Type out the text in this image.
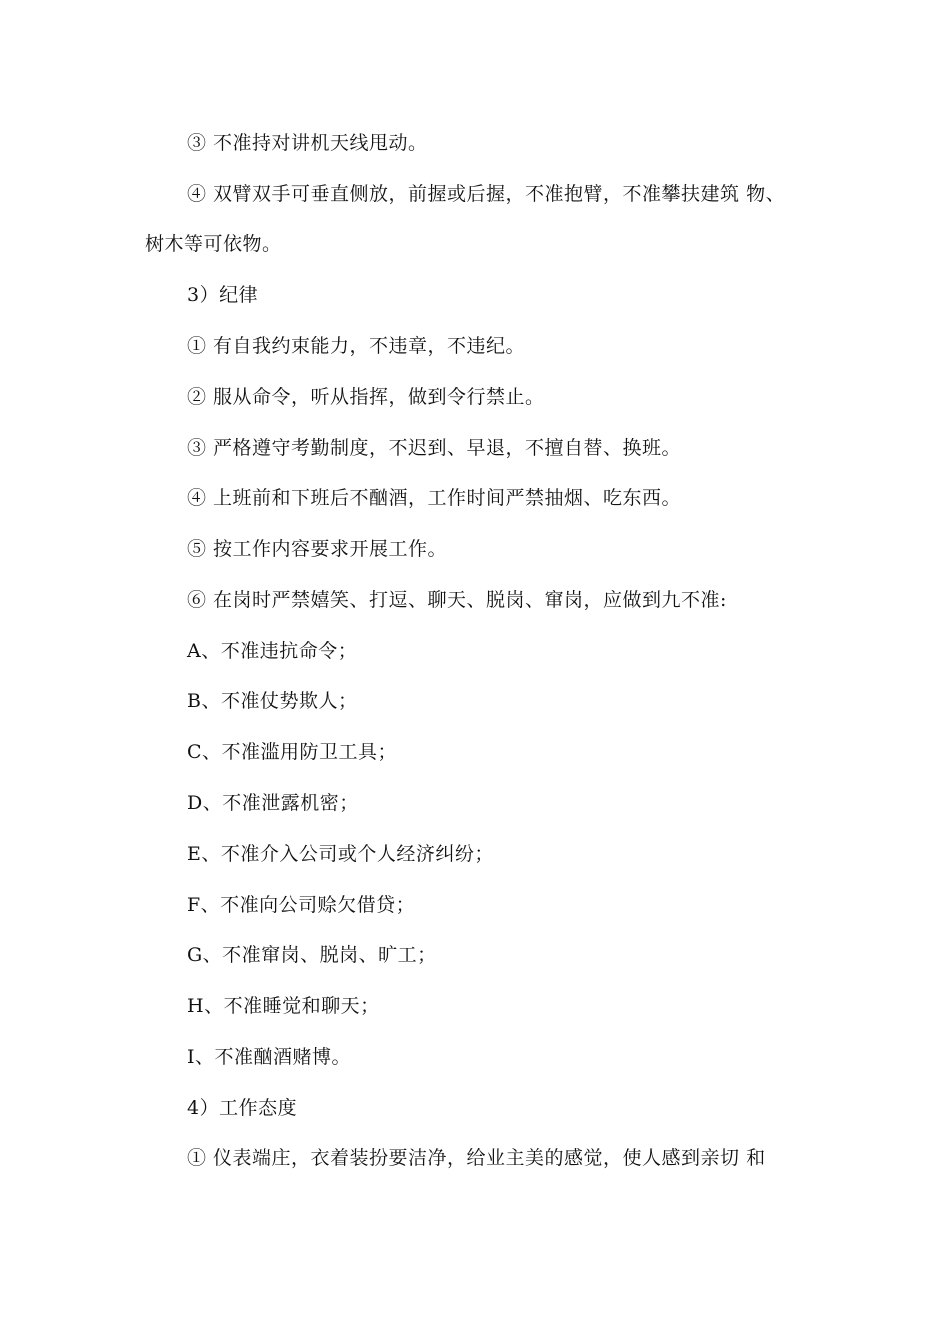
③ 不准持对讲机天线甩动。
④ 双臂双手可垂直侧放，前握或后握，不准抱臂，不准攀扶建筑 物、
树木等可依物。
3）纪律
① 有自我约束能力，不违章，不违纪。
② 服从命令，听从指挥，做到令行禁止。
③ 严格遵守考勤制度，不迟到、早退，不擅自替、换班。
④ 上班前和下班后不酗酒，工作时间严禁抽烟、吃东西。
⑤ 按工作内容要求开展工作。
⑥ 在岗时严禁嬉笑、打逗、聊天、脱岗、窜岗，应做到九不准:
A、不准违抗命令；
B、不准仗势欺人；
C、不准滥用防卫工具；
D、不准泄露机密；
E、不准介入公司或个人经济纠纷；
F、不准向公司赊欠借贷；
G、不准窜岗、脱岗、旷工；
H、不准睡觉和聊天；
I、不准酗酒赌博。
4）工作态度
① 仪表端庄，衣着装扮要洁净，给业主美的感觉，使人感到亲切 和
